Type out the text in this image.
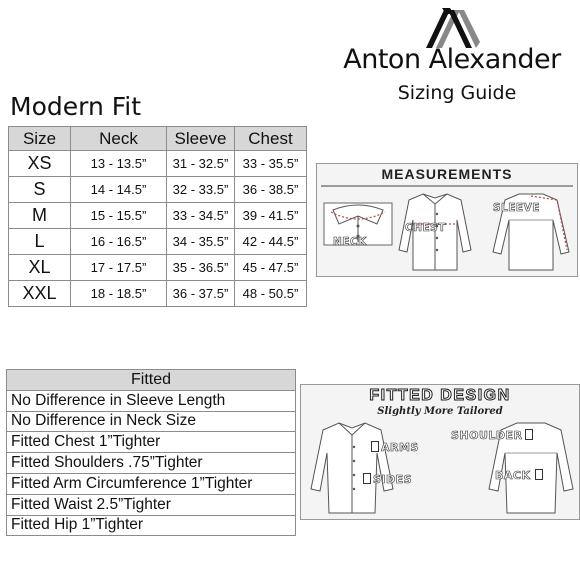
Anton Alexander
Sizing Guide
Modern Fit
Size	Neck	Sleeve	Chest
XS	13 - 13.5”	31 - 32.5”	33 - 35.5”
S	14 - 14.5”	32 - 33.5”	36 - 38.5”
M	15 - 15.5”	33 - 34.5”	39 - 41.5”
L	16 - 16.5”	34 - 35.5”	42 - 44.5”
XL	17 - 17.5”	35 - 36.5”	45 - 47.5”
XXL	18 - 18.5”	36 - 37.5”	48 - 50.5”
MEASUREMENTS
NECK
CHEST
SLEEVE
Fitted
No Difference in Sleeve Length
No Difference in Neck Size
Fitted Chest 1”Tighter
Fitted Shoulders .75”Tighter
Fitted Arm Circumference 1”Tighter
Fitted Waist 2.5”Tighter
Fitted Hip 1”Tighter
FITTED DESIGN
Slightly More Tailored
ARMS
SIDES
SHOULDER
BACK
